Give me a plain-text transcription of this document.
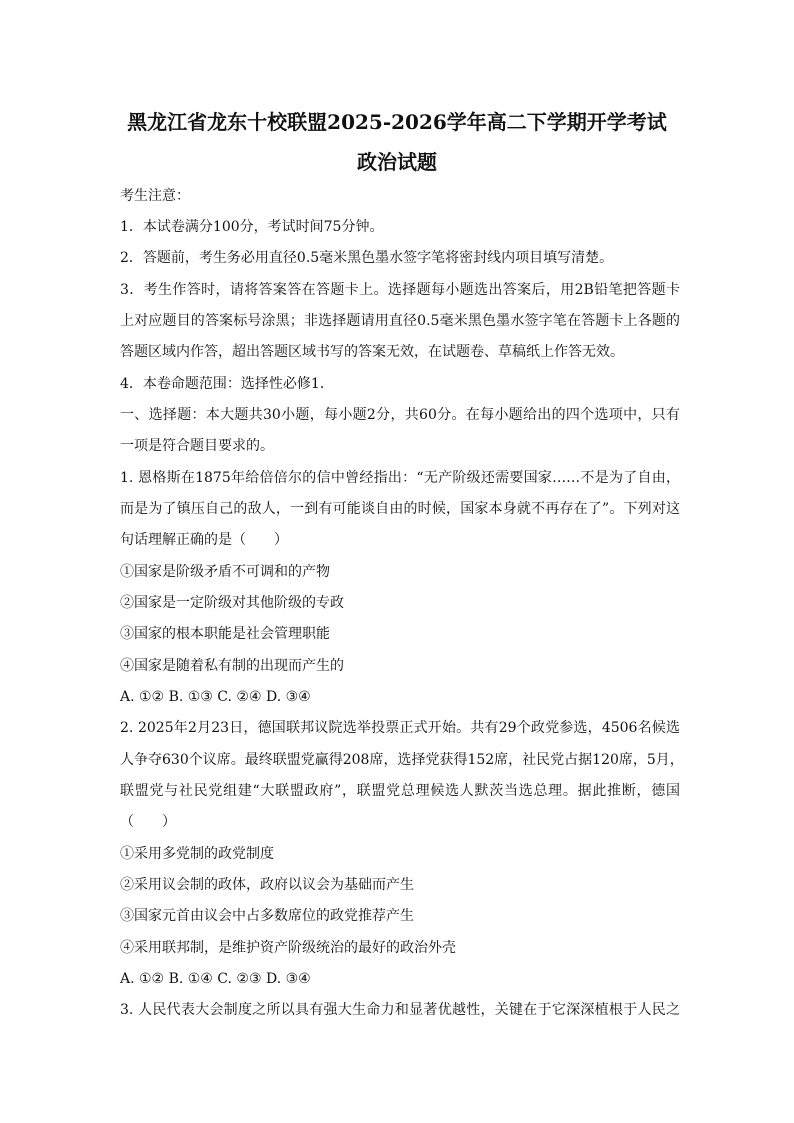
黑龙江省龙东十校联盟2025-2026学年高二下学期开学考试
政治试题
考生注意：
1．本试卷满分100分，考试时间75分钟。
2．答题前，考生务必用直径0.5毫米黑色墨水签字笔将密封线内项目填写清楚。
3．考生作答时，请将答案答在答题卡上。选择题每小题选出答案后，用2B铅笔把答题卡
上对应题目的答案标号涂黑；非选择题请用直径0.5毫米黑色墨水签字笔在答题卡上各题的
答题区域内作答，超出答题区域书写的答案无效，在试题卷、草稿纸上作答无效。
4．本卷命题范围：选择性必修1．
一、选择题：本大题共30小题，每小题2分，共60分。在每小题给出的四个选项中，只有
一项是符合题目要求的。
1. 恩格斯在1875年给倍倍尔的信中曾经指出：“无产阶级还需要国家……不是为了自由，
而是为了镇压自己的敌人，一到有可能谈自由的时候，国家本身就不再存在了”。下列对这
句话理解正确的是（　　）
①国家是阶级矛盾不可调和的产物
②国家是一定阶级对其他阶级的专政
③国家的根本职能是社会管理职能
④国家是随着私有制的出现而产生的
A. ①② B. ①③ C. ②④ D. ③④
2. 2025年2月23日，德国联邦议院选举投票正式开始。共有29个政党参选，4506名候选
人争夺630个议席。最终联盟党赢得208席，选择党获得152席，社民党占据120席，5月，
联盟党与社民党组建“大联盟政府”，联盟党总理候选人默茨当选总理。据此推断，德国
（　　）
①采用多党制的政党制度
②采用议会制的政体，政府以议会为基础而产生
③国家元首由议会中占多数席位的政党推荐产生
④采用联邦制，是维护资产阶级统治的最好的政治外壳
A. ①② B. ①④ C. ②③ D. ③④
3. 人民代表大会制度之所以具有强大生命力和显著优越性，关键在于它深深植根于人民之
